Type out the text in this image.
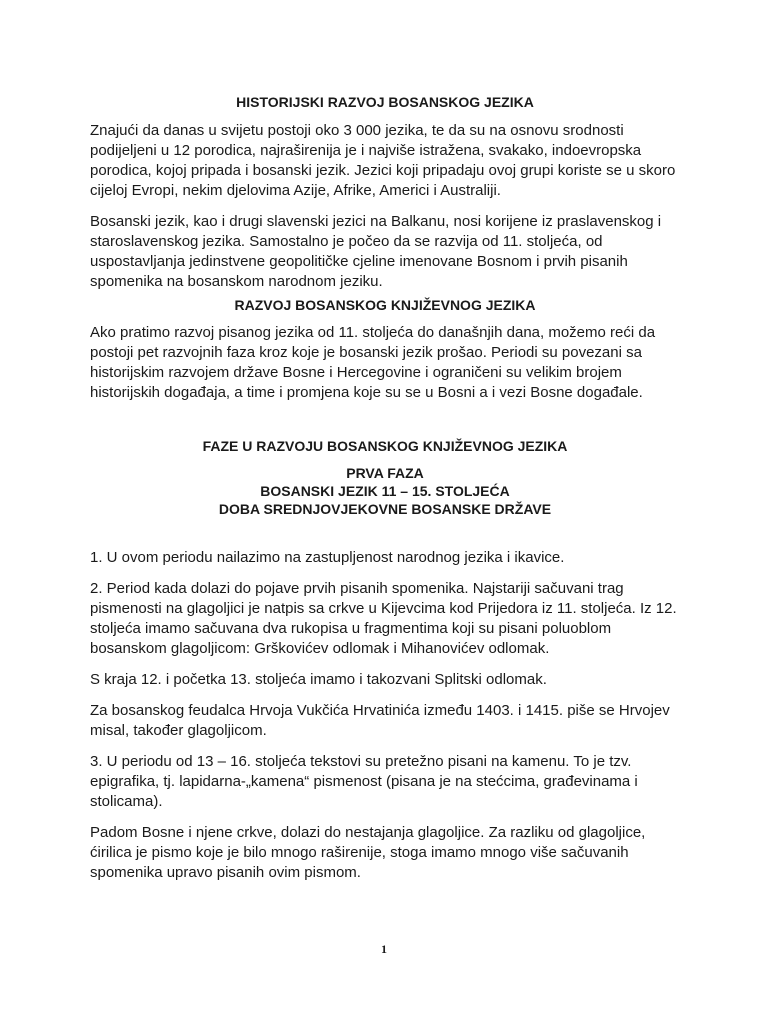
HISTORIJSKI RAZVOJ BOSANSKOG JEZIKA

Znajući da danas u svijetu postoji oko 3 000 jezika, te da su na osnovu srodnosti podijeljeni u 12 porodica, najrašireniја je i najviše istražena, svakako, indoevropska porodica, kojoj pripada i bosanski jezik. Jezici koji pripadaju ovoj grupi koriste se u skoro cijeloj Evropi, nekim djelovima Azije, Afrike, Americi i Australiji.

Bosanski jezik, kao i drugi slavenski jezici na Balkanu, nosi korijene iz praslavenskog i staroslavenskog jezika. Samostalno je počeo da se razvija od 11. stoljeća, od uspostavljanja jedinstvene geopolitičke cjeline imenovane Bosnom i prvih pisanih spomenika na bosanskom narodnom jeziku.

RAZVOJ BOSANSKOG KNJIŽEVNOG JEZIKA

Ako pratimo razvoj pisanog jezika od 11. stoljeća do današnjih dana, možemo reći da postoji pet razvojnih faza kroz koje je bosanski jezik prošao. Periodi su povezani sa historijskim razvojem države Bosne i Hercegovine i ograničeni su velikim brojem historijskih događaja, a time i promjena koje su se u Bosni a i vezi Bosne događale.

FAZE U RAZVOJU BOSANSKOG KNJIŽEVNOG JEZIKA
PRVA FAZA
BOSANSKI JEZIK 11 – 15. STOLJEĆA
DOBA SREDNJOVJEKOVNE BOSANSKE DRŽAVE

1. U ovom periodu nailazimo na zastupljenost narodnog jezika i ikavice.

2. Period kada dolazi do pojave prvih pisanih spomenika. Najstariji sačuvani trag pismenosti na glagoljici je natpis sa crkve u Kijevcima kod Prijedora iz 11. stoljeća. Iz 12. stoljeća imamo sačuvana dva rukopisa u fragmentima koji su pisani poluoblom bosanskom glagoljicom: Grškovićev odlomak i Mihanovićev odlomak.

S kraja 12. i početka 13. stoljeća imamo i takozvani Splitski odlomak.

Za bosanskog feudalca Hrvoja Vukčića Hrvatinića između 1403. i 1415. piše se Hrvojev misal, također glagoljicom.

3. U periodu od 13 – 16. stoljeća tekstovi su pretežno pisani na kamenu. To je tzv. epigrafika, tj. lapidarna-„kamena“ pismenost (pisana je na stećcima, građevinama i stolicama).

Padom Bosne i njene crkve, dolazi do nestajanja glagoljice. Za razliku od glagoljice, ćirilica je pismo koje je bilo mnogo rašireniје, stoga imamo mnogo više sačuvanih spomenika upravo pisanih ovim pismom.

1
